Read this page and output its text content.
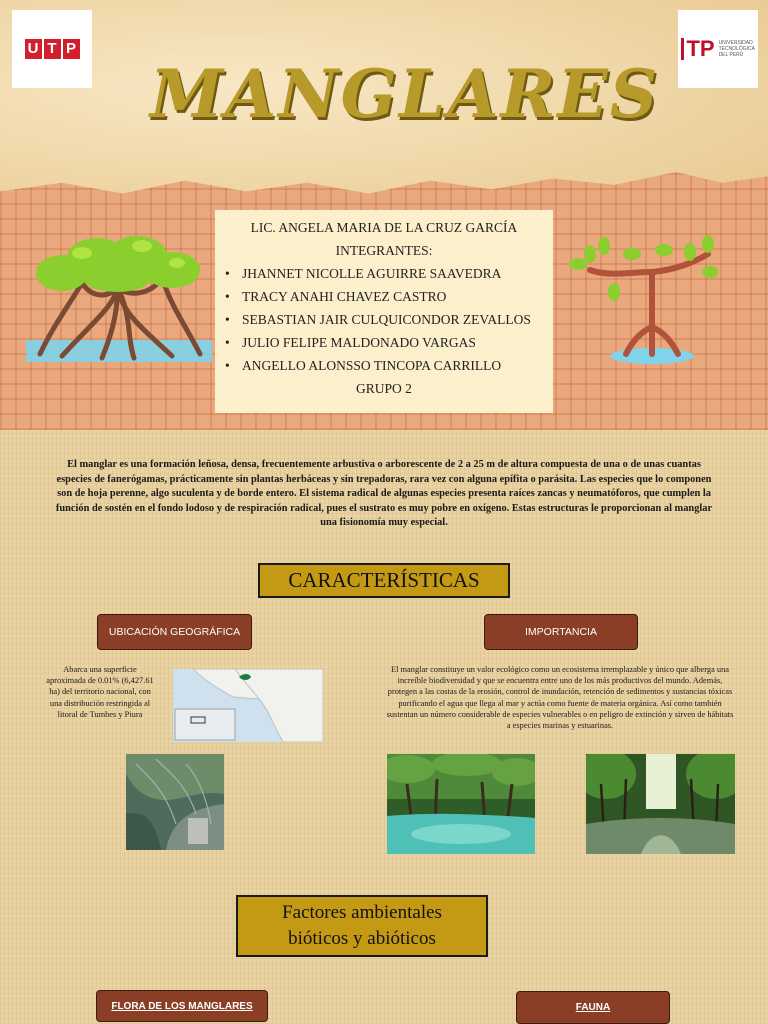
U T P	TP UNIVERSIDAD TECNOLÓGICA DEL PERÚ
MANGLARES
LIC. ANGELA MARIA DE LA CRUZ GARCÍA
INTEGRANTES:
• JHANNET NICOLLE AGUIRRE SAAVEDRA
• TRACY ANAHI CHAVEZ CASTRO
• SEBASTIAN JAIR CULQUICONDOR ZEVALLOS
• JULIO FELIPE MALDONADO VARGAS
• ANGELLO ALONSSO TINCOPA CARRILLO
GRUPO 2

El manglar es una formación leñosa, densa, frecuentemente arbustiva o arborescente de 2 a 25 m de altura compuesta de una o de unas cuantas especies de fanerógamas, prácticamente sin plantas herbáceas y sin trepadoras, rara vez con alguna epífita o parásita. Las especies que lo componen son de hoja perenne, algo suculenta y de borde entero. El sistema radical de algunas especies presenta raíces zancas y neumatóforos, que cumplen la función de sostén en el fondo lodoso y de respiración radical, pues el sustrato es muy pobre en oxígeno. Estas estructuras le proporcionan al manglar una fisionomía muy especial.

CARACTERÍSTICAS
UBICACIÓN GEOGRÁFICA	IMPORTANCIA

Abarca una superficie aproximada de 0.01% (6,427.61 ha) del territorio nacional, con una distribución restringida al litoral de Tumbes y Piura

El manglar constituye un valor ecológico como un ecosistema irremplazable y único que alberga una increíble biodiversidad y que se encuentra entre uno de los más productivos del mundo. Además, protegen a las costas de la erosión, control de inundación, retención de sedimentos y sustancias tóxicas purificando el agua que llega al mar y actúa como fuente de materia orgánica. Así como también sustentan un número considerable de especies vulnerables o en peligro de extinción y sirven de hábitats a especies marinas y estuarinas.

Factores ambientales
bióticos y abióticos
FLORA DE LOS MANGLARES	FAUNA
